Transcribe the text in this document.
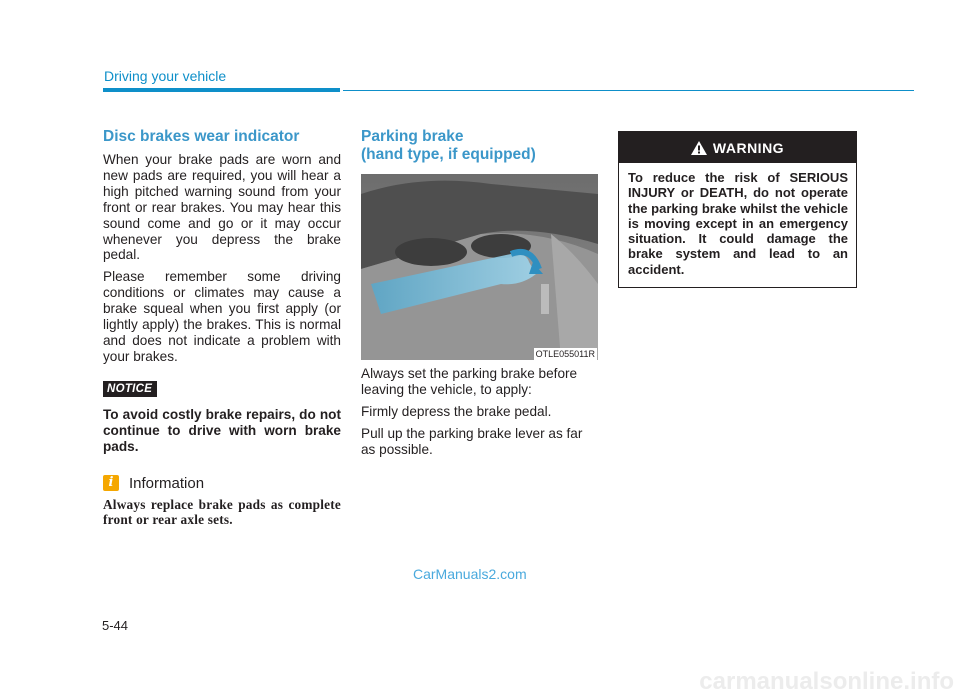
Driving your vehicle
Disc brakes wear indicator

When your brake pads are worn and new pads are required, you will hear a high pitched warning sound from your front or rear brakes. You may hear this sound come and go or it may occur whenever you depress the brake pedal.

Please remember some driving conditions or climates may cause a brake squeal when you first apply (or lightly apply) the brakes. This is normal and does not indicate a problem with your brakes.

NOTICE
To avoid costly brake repairs, do not continue to drive with worn brake pads.
i	Information
Always replace brake pads as complete front or rear axle sets.
Parking brake
(hand type, if equipped)
OTLE055011R

Always set the parking brake before leaving the vehicle, to apply:

Firmly depress the brake pedal.

Pull up the parking brake lever as far as possible.

WARNING
To reduce the risk of SERIOUS INJURY or DEATH, do not operate the parking brake whilst the vehicle is moving except in an emergency situation. It could damage the brake system and lead to an accident.
CarManuals2.com
5-44
carmanualsonline.info
